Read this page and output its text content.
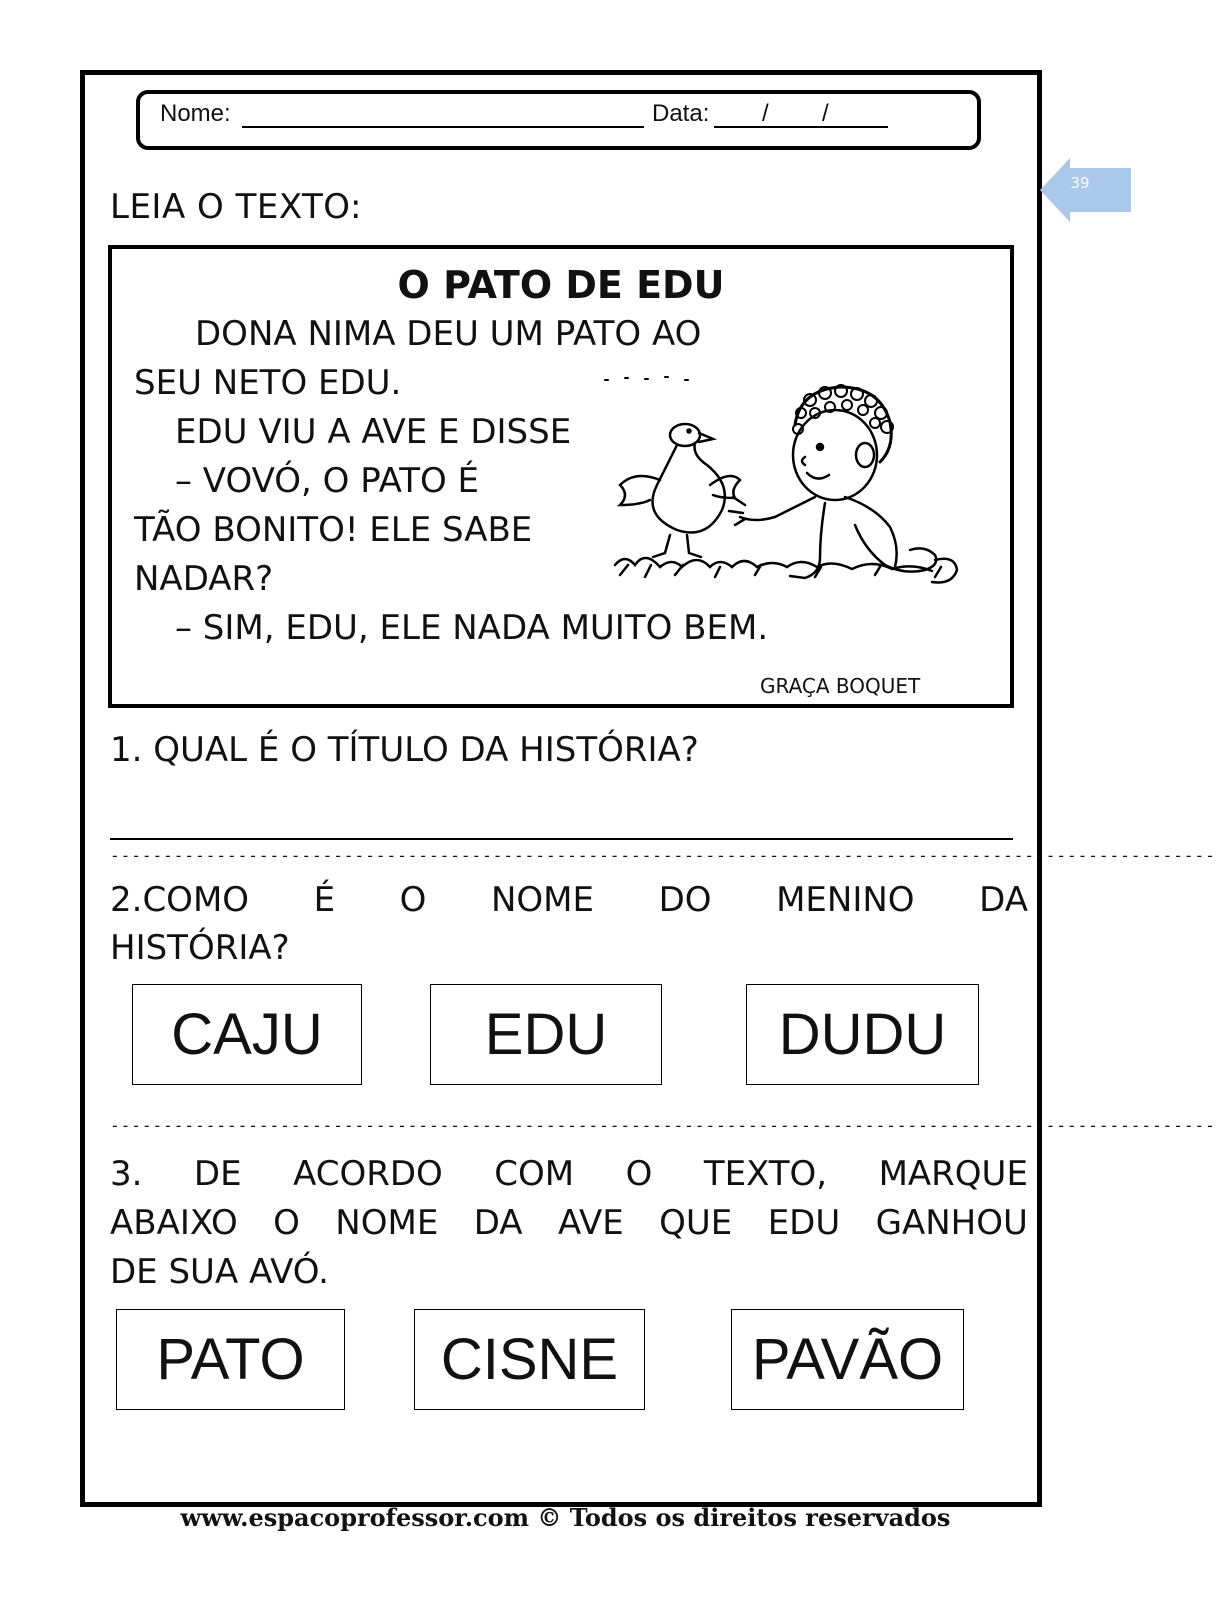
Nome:	Data: / /
39
LEIA O TEXTO:
O PATO DE EDU
DONA NIMA DEU UM PATO AO
SEU NETO EDU.
EDU VIU A AVE E DISSE
– VOVÓ, O PATO É
TÃO BONITO! ELE SABE
NADAR?
– SIM, EDU, ELE NADA MUITO BEM.
GRAÇA BOQUET
1. QUAL É O TÍTULO DA HISTÓRIA?
--------------------------------------------------------------------------------------------------------
2.COMO É O NOME DO MENINO DA
HISTÓRIA?
CAJU	EDU	DUDU
--------------------------------------------------------------------------------------------------------
3. DE ACORDO COM O TEXTO, MARQUE
ABAIXO O NOME DA AVE QUE EDU GANHOU
DE SUA AVÓ.
PATO	CISNE	PAVÃO
www.espacoprofessor.com © Todos os direitos reservados
